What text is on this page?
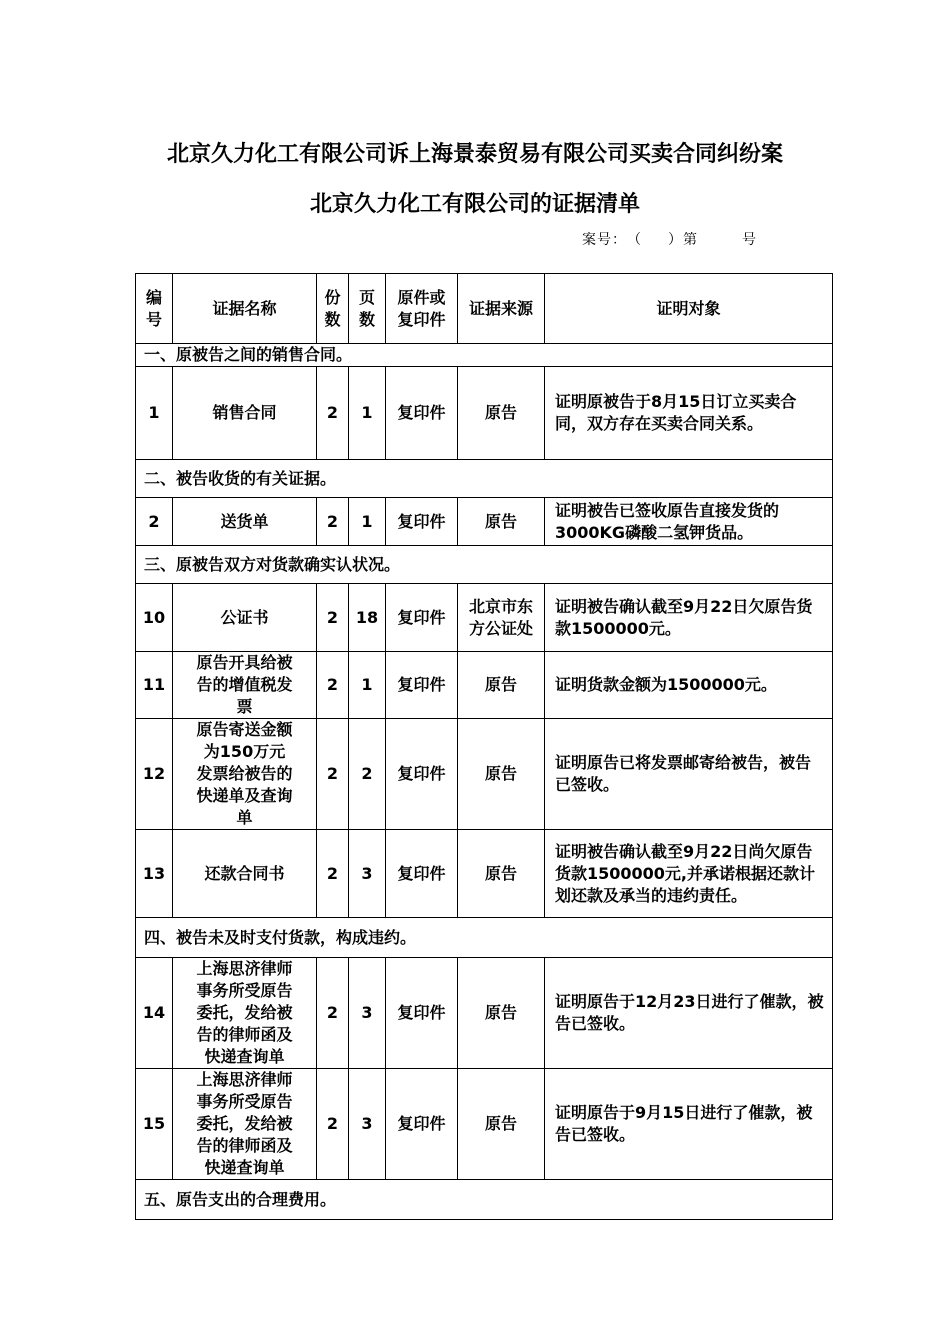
北京久力化工有限公司诉上海景泰贸易有限公司买卖合同纠纷案
北京久力化工有限公司的证据清单
案号：（ ）第	号
编号	证据名称	份数	页数	原件或复印件	证据来源	证明对象
一、原被告之间的销售合同。						
1	销售合同	2	1	复印件	原告	证明原被告于8月15日订立买卖合同，双方存在买卖合同关系。
二、被告收货的有关证据。						
2	送货单	2	1	复印件	原告	证明被告已签收原告直接发货的3000KG磷酸二氢钾货品。
三、原被告双方对货款确实认状况。						
10	公证书	2	18	复印件	北京市东方公证处	证明被告确认截至9月22日欠原告货款1500000元。
11	原告开具给被告的增值税发票	2	1	复印件	原告	证明货款金额为1500000元。
12	原告寄送金额为150万元发票给被告的快递单及查询单	2	2	复印件	原告	证明原告已将发票邮寄给被告，被告已签收。
13	还款合同书	2	3	复印件	原告	证明被告确认截至9月22日尚欠原告货款1500000元,并承诺根据还款计划还款及承当的违约责任。
四、被告未及时支付货款，构成违约。						
14	上海思济律师事务所受原告委托，发给被告的律师函及快递查询单	2	3	复印件	原告	证明原告于12月23日进行了催款，被告已签收。
15	上海思济律师事务所受原告委托，发给被告的律师函及快递查询单	2	3	复印件	原告	证明原告于9月15日进行了催款，被告已签收。
五、原告支出的合理费用。						
